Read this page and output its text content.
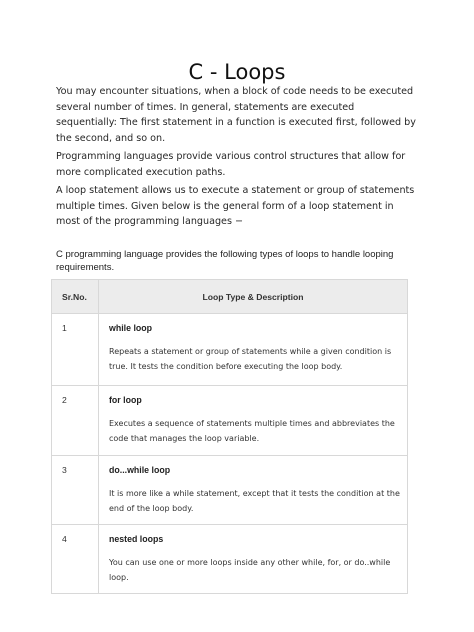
C - Loops

You may encounter situations, when a block of code needs to be executed several number of times. In general, statements are executed sequentially: The first statement in a function is executed first, followed by the second, and so on.

Programming languages provide various control structures that allow for more complicated execution paths.

A loop statement allows us to execute a statement or group of statements multiple times. Given below is the general form of a loop statement in most of the programming languages −

C programming language provides the following types of loops to handle looping requirements.

Sr.No.	Loop Type & Description
1	while loop
Repeats a statement or group of statements while a given condition is true. It tests the condition before executing the loop body.

2	for loop
Executes a sequence of statements multiple times and abbreviates the code that manages the loop variable.

3	do...while loop
It is more like a while statement, except that it tests the condition at the end of the loop body.

4	nested loops
You can use one or more loops inside any other while, for, or do..while loop.
